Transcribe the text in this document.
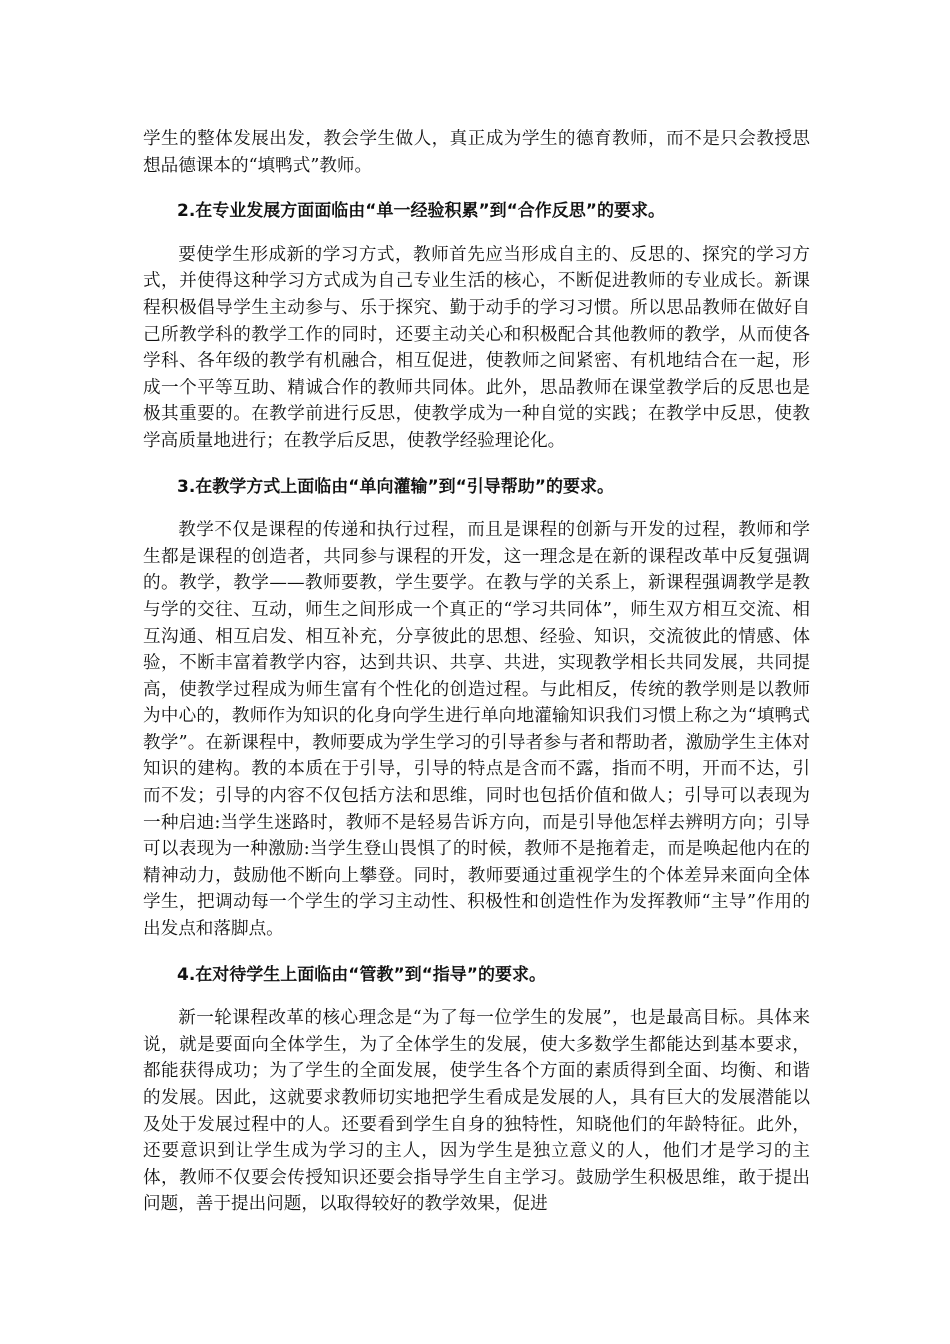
学生的整体发展出发，教会学生做人，真正成为学生的德育教师，而不是只会教授思想品德课本的“填鸭式”教师。

2.在专业发展方面面临由“单一经验积累”到“合作反思”的要求。

要使学生形成新的学习方式，教师首先应当形成自主的、反思的、探究的学习方式，并使得这种学习方式成为自己专业生活的核心，不断促进教师的专业成长。新课程积极倡导学生主动参与、乐于探究、勤于动手的学习习惯。所以思品教师在做好自己所教学科的教学工作的同时，还要主动关心和积极配合其他教师的教学，从而使各学科、各年级的教学有机融合，相互促进，使教师之间紧密、有机地结合在一起，形成一个平等互助、精诚合作的教师共同体。此外，思品教师在课堂教学后的反思也是极其重要的。在教学前进行反思，使教学成为一种自觉的实践；在教学中反思，使教学高质量地进行；在教学后反思，使教学经验理论化。

3.在教学方式上面临由“单向灌输”到“引导帮助”的要求。

教学不仅是课程的传递和执行过程，而且是课程的创新与开发的过程，教师和学生都是课程的创造者，共同参与课程的开发，这一理念是在新的课程改革中反复强调的。教学，教学——教师要教，学生要学。在教与学的关系上，新课程强调教学是教与学的交往、互动，师生之间形成一个真正的“学习共同体”，师生双方相互交流、相互沟通、相互启发、相互补充，分享彼此的思想、经验、知识，交流彼此的情感、体验，不断丰富着教学内容，达到共识、共享、共进，实现教学相长共同发展，共同提高，使教学过程成为师生富有个性化的创造过程。与此相反，传统的教学则是以教师为中心的，教师作为知识的化身向学生进行单向地灌输知识我们习惯上称之为“填鸭式教学”。在新课程中，教师要成为学生学习的引导者参与者和帮助者，激励学生主体对知识的建构。教的本质在于引导，引导的特点是含而不露，指而不明，开而不达，引而不发；引导的内容不仅包括方法和思维，同时也包括价值和做人；引导可以表现为一种启迪:当学生迷路时，教师不是轻易告诉方向，而是引导他怎样去辨明方向；引导可以表现为一种激励:当学生登山畏惧了的时候，教师不是拖着走，而是唤起他内在的精神动力，鼓励他不断向上攀登。同时，教师要通过重视学生的个体差异来面向全体学生，把调动每一个学生的学习主动性、积极性和创造性作为发挥教师“主导”作用的出发点和落脚点。

4.在对待学生上面临由“管教”到“指导”的要求。

新一轮课程改革的核心理念是“为了每一位学生的发展”，也是最高目标。具体来说，就是要面向全体学生，为了全体学生的发展，使大多数学生都能达到基本要求，都能获得成功；为了学生的全面发展，使学生各个方面的素质得到全面、均衡、和谐的发展。因此，这就要求教师切实地把学生看成是发展的人，具有巨大的发展潜能以及处于发展过程中的人。还要看到学生自身的独特性，知晓他们的年龄特征。此外，还要意识到让学生成为学习的主人，因为学生是独立意义的人，他们才是学习的主体，教师不仅要会传授知识还要会指导学生自主学习。鼓励学生积极思维，敢于提出问题，善于提出问题，以取得较好的教学效果，促进
